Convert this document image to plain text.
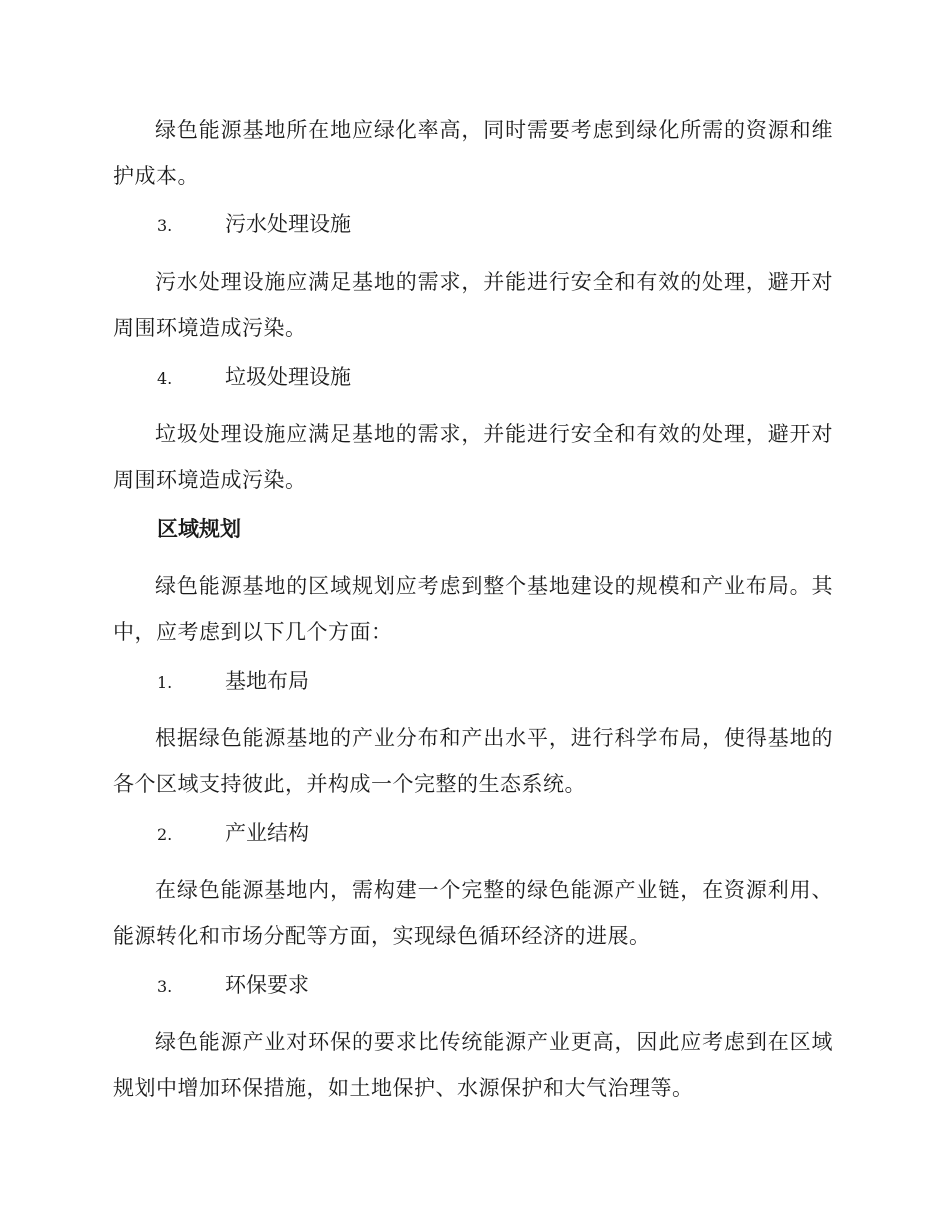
绿色能源基地所在地应绿化率高，同时需要考虑到绿化所需的资源和维护成本。

3.	污水处理设施

污水处理设施应满足基地的需求，并能进行安全和有效的处理，避开对周围环境造成污染。

4.	垃圾处理设施

垃圾处理设施应满足基地的需求，并能进行安全和有效的处理，避开对周围环境造成污染。

区域规划

绿色能源基地的区域规划应考虑到整个基地建设的规模和产业布局。其中，应考虑到以下几个方面：

1.	基地布局

根据绿色能源基地的产业分布和产出水平，进行科学布局，使得基地的各个区域支持彼此，并构成一个完整的生态系统。

2.	产业结构

在绿色能源基地内，需构建一个完整的绿色能源产业链，在资源利用、能源转化和市场分配等方面，实现绿色循环经济的进展。

3.	环保要求

绿色能源产业对环保的要求比传统能源产业更高，因此应考虑到在区域规划中增加环保措施，如土地保护、水源保护和大气治理等。
